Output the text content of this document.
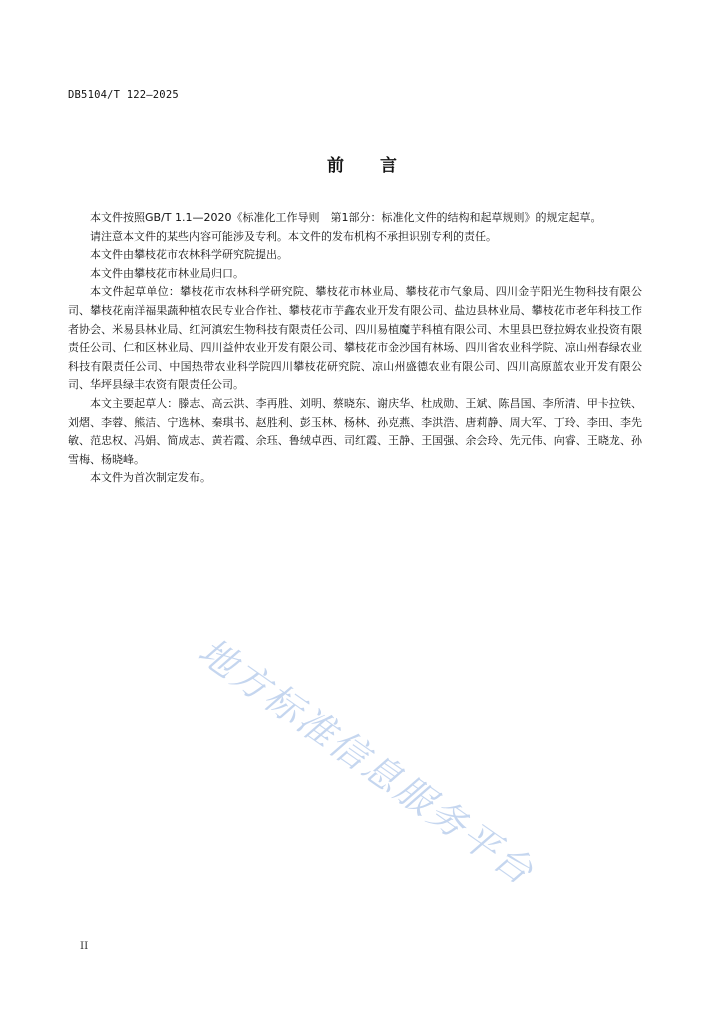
DB5104/T 122—2025
前言

本文件按照GB/T 1.1—2020《标准化工作导则　第1部分：标准化文件的结构和起草规则》的规定起草。

请注意本文件的某些内容可能涉及专利。本文件的发布机构不承担识别专利的责任。

本文件由攀枝花市农林科学研究院提出。

本文件由攀枝花市林业局归口。

本文件起草单位：攀枝花市农林科学研究院、攀枝花市林业局、攀枝花市气象局、四川金芋阳光生物科技有限公司、攀枝花南洋福果蔬种植农民专业合作社、攀枝花市芋鑫农业开发有限公司、盐边县林业局、攀枝花市老年科技工作者协会、米易县林业局、红河滇宏生物科技有限责任公司、四川易植魔芋科植有限公司、木里县巴登拉姆农业投资有限责任公司、仁和区林业局、四川益仲农业开发有限公司、攀枝花市金沙国有林场、四川省农业科学院、凉山州春绿农业科技有限责任公司、中国热带农业科学院四川攀枝花研究院、凉山州盛德农业有限公司、四川高原蓝农业开发有限公司、华坪县绿丰农资有限责任公司。

本文主要起草人：滕志、高云洪、李再胜、刘明、蔡晓东、谢庆华、杜成勋、王斌、陈昌国、李所清、甲卡拉铁、刘熠、李蓉、熊洁、宁选林、秦琪书、赵胜利、彭玉林、杨林、孙克燕、李洪浩、唐莉静、周大军、丁玲、李田、李先敏、范忠权、冯娟、简成志、黄若霞、余珏、鲁绒卓西、司红霞、王静、王国强、余会玲、先元伟、向睿、王晓龙、孙雪梅、杨晓峰。

本文件为首次制定发布。

地方标准信息服务平台
II
